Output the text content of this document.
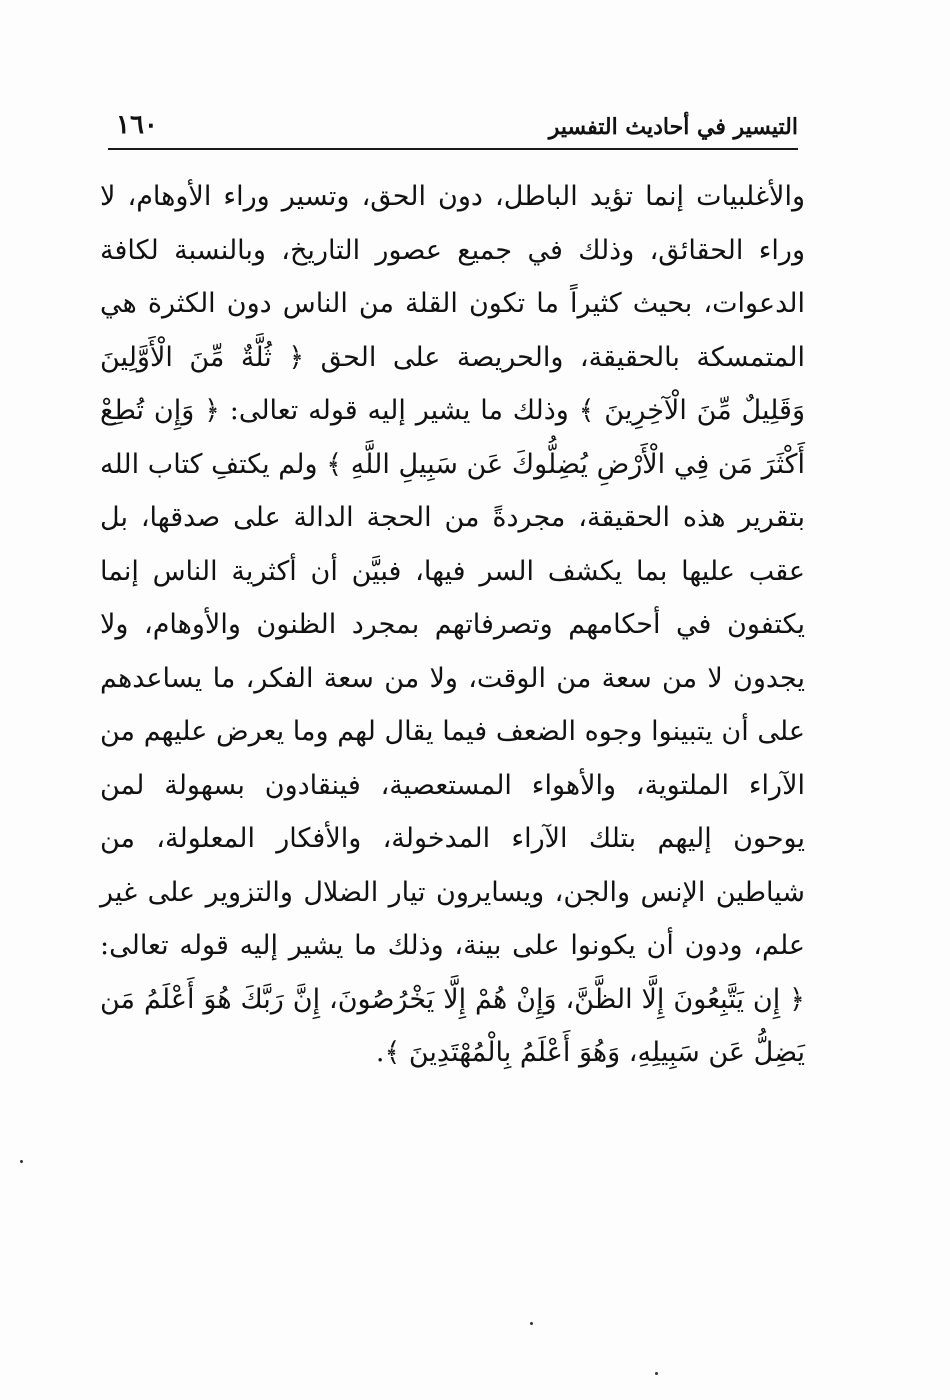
التيسير في أحاديث التفسير
١٦٠

والأغلبيات إنما تؤيد الباطل، دون الحق، وتسير وراء الأوهام، لا وراء الحقائق، وذلك في جميع عصور التاريخ، وبالنسبة لكافة الدعوات، بحيث كثيراً ما تكون القلة من الناس دون الكثرة هي المتمسكة بالحقيقة، والحريصة على الحق ﴿ ثُلَّةٌ مِّنَ الْأَوَّلِينَ وَقَلِيلٌ مِّنَ الْآخِرِينَ ﴾ وذلك ما يشير إليه قوله تعالى: ﴿ وَإِن تُطِعْ أَكْثَرَ مَن فِي الْأَرْضِ يُضِلُّوكَ عَن سَبِيلِ اللَّهِ ﴾ ولم يكتفِ كتاب الله بتقرير هذه الحقيقة، مجردةً من الحجة الدالة على صدقها، بل عقب عليها بما يكشف السر فيها، فبيَّن أن أكثرية الناس إنما يكتفون في أحكامهم وتصرفاتهم بمجرد الظنون والأوهام، ولا يجدون لا من سعة من الوقت، ولا من سعة الفكر، ما يساعدهم على أن يتبينوا وجوه الضعف فيما يقال لهم وما يعرض عليهم من الآراء الملتوية، والأهواء المستعصية، فينقادون بسهولة لمن يوحون إليهم بتلك الآراء المدخولة، والأفكار المعلولة، من شياطين الإنس والجن، ويسايرون تيار الضلال والتزوير على غير علم، ودون أن يكونوا على بينة، وذلك ما يشير إليه قوله تعالى: ﴿ إِن يَتَّبِعُونَ إِلَّا الظَّنَّ، وَإِنْ هُمْ إِلَّا يَخْرُصُونَ، إِنَّ رَبَّكَ هُوَ أَعْلَمُ مَن يَضِلُّ عَن سَبِيلِهِ، وَهُوَ أَعْلَمُ بِالْمُهْتَدِينَ ﴾.
